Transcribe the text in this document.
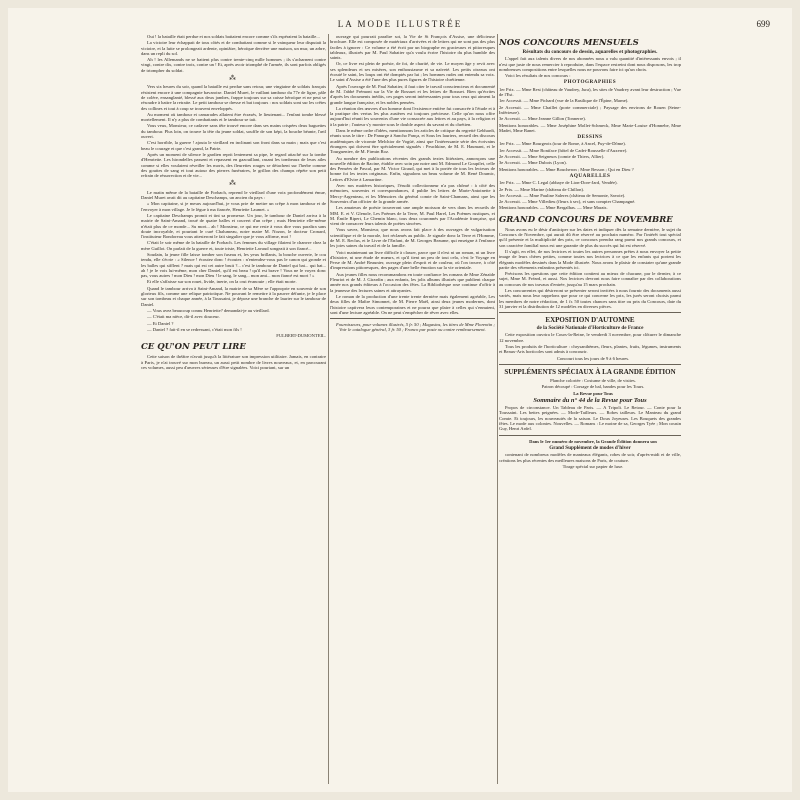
LA MODE ILLUSTRÉE	699

Oui ! la bataille était perdue et nos soldats battaient encore comme s'ils espéraient la bataille...

La victoire leur échappait de tous côtés et de combattant comme si le vainqueur leur disputait la victoire, et la lutte se prolongeait ardente, opiniâtre, héroïque derrière une maison, un mur, un arbre, dans un repli du sol.

Ah ! les Allemands ne se battent plus contre trente-cinq mille hommes ; ils s'acharnent contre vingt, contre dix, contre trois, contre un ! Et, après avoir triomphé de l'armée, ils sont parfois obligés de triompher du soldat.

⁂

Vers six heures du soir, quand la bataille est perdue sans retour, une vingtaine de soldats français résistent encore à une compagnie bavaroise. Daniel Muret, le vaillant tambour du 77e de ligne, pâle de colère, ensanglanté, blessé aux deux jambes, frappe toujours sur sa caisse héroïque et ne peut se résoudre à battre la retraite. Le petit tambour se dresse et bat toujours : nos soldats sont sur les crêtes des collines et tout à coup se trouvent enveloppés.

Au moment où tambour et camarades allaient être écrasés, le lieutenant... l'enfant tombe blessé mortellement. Il n'y a plus de combattants et le tambour se tait.

Vous veux, Monsieur, ce cadavre sans tête trouvé encore dans ses mains crispées deux baguettes du tambour. Plus loin, on trouve la tête du jeune soldat, souffle de son képi, la bouche béante, l'œil ouvert.

C'est horrible, la guerre ! ajouta le vieillard en inclinant son front dans sa main ; mais que c'est beau le courage et que c'est grand, la Patrie.

Après un moment de silence le gardien reprit lentement sa pipe, le regard attaché sur la tombe d'Henriette. Les hirondelles passent et repassent en gazouillant, rasant les tombeaux de leurs ailes comme si elles voulaient réveiller les morts, des fleurettes rouges se détachent sur l'herbe comme des gouttes de sang et tout autour des pierres funéraires, le grillon des champs répète son petit refrain de résurrection et de vie...

⁂

Le matin même de la bataille de Forbach, reprend le vieillard d'une voix profondément émue, Daniel Muret avait dit au capitaine Deschamps, un ancien du pays :

« Mon capitaine, si je meurs aujourd'hui, je vous prie de mettre un crêpe à mon tambour et de l'envoyer à mon village. Je le lègue à ma fiancée, Henriette Laumet. »

Le capitaine Deschamps promit et tint sa promesse. Un jour, le tambour de Daniel arriva à la mairie de Saint-Amand, troué de quatre balles et couvert d'un crêpe ; mais Henriette elle-même n'était plus de ce monde... Su mort... ah ! Monsieur, ce qui me reste à vous dire vous paraîtra sans doute incroyable, et pourtant le curé Chalumeau, notre maire M. Nozon, le docteur Cronard, l'instituteur Bondoreau vous attesteront le fait singulier que je vous affirme, moi !

C'était le soir même de la bataille de Forbach. Les femmes du village filaient le chanvre chez la mère Guillot. On parlait de la guerre et, toute triste, Henriette Lavaud songeait à son fiancé...

Soudain, la jeune fille laisse tomber son fuseau et, les yeux brillants, la bouche ouverte, le cou tendu, elle s'écrie : « Silence ! écoutez donc ! écoutez : n'entendez-vous pas le canon qui gronde et les balles qui sifflent ? mais qui est cet autre bruit ?... c'est le tambour de Daniel qui bat... qui bat... ah ! je le vois lui-même, mon cher Daniel, qu'il est beau ! qu'il est brave ! Vous ne le voyez donc pas, vous autres ! mon Dieu ! mon Dieu ! le sang, le sang... mon ami... mon fiancé est mort ! »

Et elle s'affaisse sur son rouet, livide, inerte, on la crut évanouie ; elle était morte.

Quand le tambour arriva à Saint-Amand, la mairie de sa Mère se l'approprie en souvenir de son glorieux fils, comme une relique patriotique. Ne pouvant le remettre à la pauvre défunte, je le place sur son tombeau et chaque année, à la Toussaint, je dépose une branche de laurier sur le tambour de Daniel.

— Vous avez beaucoup connu Henriette? demandai-je au vieillard.

— C'était ma nièce, dit-il avec douceur.

— Et Daniel ?

— Daniel ? fait-il en se redressant, c'était mon fils !

FULBERT-DUMONTEIL.

CE QU'ON PEUT LIRE

Cette saison de théâtre n'avait jusqu'à la littérature son impression utilitaire. Jamais, en contraire à Paris, je n'ai trouvé sur mon bureau, un aussi petit nombre de livres nouveaux, et, en parcourant ces volumes, aussi peu d'œuvres sérieuses d'être signalées. Voici pourtant, sur un

ouvrage qui pourrait paraître sot, la Vie de St François d'Assise, une délicieuse brochure. Elle est composée de matériaux d'arrivées et de lettres qui ne sont pas des plus faciles à ignorer : Ce volume a été écrit par un biographe en gracieuses et pittoresques tableaux, illustrés par M. Paul Sabatier qu'a voulu écrire l'histoire du plus humble des saints.

Or, ce livre est plein de poésie, de foi, de charité, de vie. Le moyen âge y revit avec ses splendeurs et ses misères, son enthousiasme et sa naïveté. Les petits oiseaux ont écouté le saint, les loups ont été domptés par lui ; les hommes rudes ont entendu sa voix. Le saint d'Assise a été l'une des plus pures figures de l'histoire chrétienne.

Après l'ouvrage de M. Paul Sabatier, il faut citer le travail consciencieux et documenté de M. l'abbé Frémont sur la Vie de Bossuet et les lettres de Bossuet. Bien qu'écrites d'après les documents inédits, ces pages seront intéressantes pour tous ceux qui aiment la grande langue française, et les nobles pensées.

La réunion des œuvres d'un homme dont l'existence entière fut consacrée à l'étude et à la pratique des vertus les plus austères est toujours précieuse. Celle qu'on nous offre aujourd'hui réunit les souvenirs d'une vie consacrée aux lettres et au pays, à la religion et à la patrie ; l'auteur s'y montre sous le double aspect du savant et du chrétien.

Dans le même ordre d'idées, mentionnons les articles de critique du regretté Gebhardt, réunis sous le titre : De Panurge à Sancho Pança, et Sous les lauriers, recueil des discours académiques de vicomte Melchior de Vogüé, ainsi que l'intéressante série des écrivains étrangers qui doivent être spécialement signalés : Peuchkine, de M. E. Haumant, et le Tourgueniev, de M. Firmin Roz.

Au nombre des publications récentes des grands textes littéraires, annonçons une nouvelle édition de Racine, établie avec soin par notre ami M. Edmond Le Goupilet, celle des Pensées de Pascal, par M. Victor Giraud, qui met à la portée de tous les lecteurs de bonne foi les textes originaux. Enfin, signalons un beau volume de M. René Doumic, Lettres d'Elvire à Lamartine.

Avec nos matières historiques, l'érudit collectionneur n'a pas chômé : à côté des mémoires, souvenirs et correspondances, il publie les lettres de Marie-Antoinette à Mercy-Argenteau, et les Mémoires du général comte de Saint-Chamans, ainsi que les Souvenirs d'un officier de la grande armée.

Les amateurs de poésie trouveront une ample moisson de vers dans les recueils de MM. E. et V. Glenole, Les Poèmes de la Terre, M. Paul Harel, Les Poèmes rustiques, et M. Émile Ripert, Le Chemin blanc, tous deux couronnés par l'Académie française, qui vient de consacrer leurs talents de poètes sincères.

Vous savez, Monsieur, que nous avons fait place à des ouvrages de vulgarisation scientifique et de la morale, fort réclamés au public. Je signale donc la Terre et l'Homme, de M. E. Reclus, et le Livre de l'Enfant, de M. Georges Beaume, qui enseigne à l'enfance les joies saines du travail et de la famille.

Voici maintenant un livre difficile à classer, parce que il n'est ni un roman, ni un livre d'histoire, ni une étude de mœurs, et qu'il tient un peu de tout cela, c'est le Voyage en Perse de M. André Beaunier, ouvrage plein d'esprit et de couleur, où l'on trouve, à côté d'impressions pittoresques, des pages d'une belle émotion sur la vie orientale.

Aux jeunes filles nous recommandons en toute confiance les romans de Mme Zénaïde Fleuriot et de M. J. Girardin ; aux enfants, les jolis albums illustrés que publient chaque année nos grands éditeurs à l'occasion des fêtes. La Bibliothèque rose continue d'offrir à la jeunesse des lectures saines et attrayantes.

Le roman de la production d'une trente trente dernière mais également agréable, Les deux filles de Maître Simonnet, de M. Pierre Maël, ainsi deux jeunes modernes, dont l'histoire captivera leurs contemporaines et ne pourra que plaire à celles qui s'ennuient, sont d'une lecture agréable. On ne peut s'empêcher de rêver avec elles.

Fournisseurs, pour volumes illustrés, 5 fr. 50 ; Magasins, les titres de Mme Florentin ; Voir le catalogue général, 3 fr. 50 ; Franco par poste ou contre remboursement.

NOS CONCOURS MENSUELS
Résultats du concours de dessin, aquarelles et photographies.

L'appel fait aux talents divers de nos abonnées nous a valu quantité d'intéressants envois ; il n'est que juste de nous remercier à reproduire, dans l'espace restreint dont nous disposons, les trop nombreuses compositions entre lesquelles nous ne pouvons faire ici qu'un choix.

Voici les résultats de nos concours :

PHOTOGRAPHIES

1er Prix. — Mme Rest (château de Vaudrey, Jura), les sites de Vaudrey avant leur destruction ; Vue de l'Est.

1er Accessit. — Mme Pichard (vue de la Basilique de l'Épine, Marne).

2e Accessit. — Mme Chaillet (porte commerciale) ; Paysage des environs de Rouen (Seine-Inférieure).

3e Accessit. — Mme Jeanne Gillon (Tonnerre).

Mentions honorables. — Mme Joséphine Mollet-Schmeck, Mme Marie-Louise d'Honnebe, Mme Madet, Mme Banet.

DESSINS

1er Prix. — Mme Bourgeois (tour de Rome, à Ancel, Puy-de-Dôme).

1er Accessit. — Mme Boniface (hôtel de Cadet-Rousselle d'Auxerre).

2e Accessit. — Mme Seigneurs (comte de Thiers, Allier).

3e Accessit. — Mme Dubois (Lyon).

Mentions honorables. — Mme Boucheron ; Mme Besson ; Qui en Dieu ?

AQUARELLES

1er Prix. — Mme C. Legal (abbaye de Lion-Dore-Jard, Vendée).

2e Prix. — Mme Marine (château de Chillon).

1er Accessit. — Mme Pauline Saleres (château de Semonte, Savoie).

2e Accessit. — Mme Villedieu (fleurs à sec), et sans compter Champagné.

Mentions honorables. — Mme Bergalhas. — Mme Marais.

GRAND CONCOURS DE NOVEMBRE

Nous avons eu le désir d'anticiper sur les dates et indiquer dès la semaine dernière, le sujet du Concours de Novembre, qui aurait dû être réservé au prochain numéro. Par l'intérêt tout spécial qu'il présente et la multiplicité des prix, ce concours prendra rang parmi nos grands concours, et son caractère familial nous est une garantie de plus du succès qui lui est réservé.

Il s'agit, en effet, de nos lectrices et toutes les autres personnes prêtes à nous envoyer la petite image de leurs chères petites, comme toutes nos lectrices à ce que les enfants qui portent les élégants modèles dessinés dans la Mode illustrée. Nous avons le plaisir de constater qu'une grande partie des vêtements enfantins présentés ici.

Précisons les questions que cette édition contient au mieux de chacune, par le dernier, à ce sujet, Mme M. Fréard, et aussi. Nos lectrices devront nous faire connaître par des collaborations au concours de nos travaux d'entrée, jusqu'au 15 mars prochain.

Les concurrentes qui désireront se présenter seront invitées à nous fournir des documents aussi variés, mais nous leur rappelons que pour ce qui concerne les prix, les jurés seront choisis parmi les membres de notre rédaction, de 1 fr. 50 toutes chances sans titre ou prix du Concours, date du 31 janvier et la distribution de 12 modèles en diverses pièces.

EXPOSITION D'AUTOMNE
de la Société Nationale d'Horticulture de France

Cette exposition ouvrira le Cours-la-Reine, le vendredi 3 novembre, pour clôturer le dimanche 12 novembre.

Tous les produits de l'horticulture : chrysanthèmes, fleurs, plantes, fruits, légumes, instruments et Beaux-Arts horticoles sont admis à concourir.

Concourt tous les jours de 9 à 6 heures.

SUPPLÉMENTS SPÉCIAUX À LA GRANDE ÉDITION

Planche coloriée : Costume de ville, de visites.

Patron découpé : Corsage de bal, bandes pour les Tours.

La Revue pour Tous

Sommaire du n° 44 de la Revue pour Tous

Propos de circonstance. Un Tableau de Paris. — A Tripoli. Le Retour. — Conte pour la Toussaint. Les bettes peignées. — Mode-Tailleurs. — Robes tailleurs. Le Manteau du grand Comte. Et toujours, les nouveautés de la saison. Le Doux Joyeuses. Les Bouquets des grandes fêtes. Le mode aux colonies. Nouvelles. — Romans : Le moine de sa, Georges Tyée ; Mon cousin Guy, Henri Ardel.

Dans le 1er numéro de novembre, la Grande Édition donnera son

Grand Supplément de modes d'hiver

contenant de nombreux modèles de manteaux élégants, robes de soir, d'après-midi et de ville, créations les plus récentes des meilleures maisons de Paris, de couture.

Tirage spécial sur papier de luxe.
